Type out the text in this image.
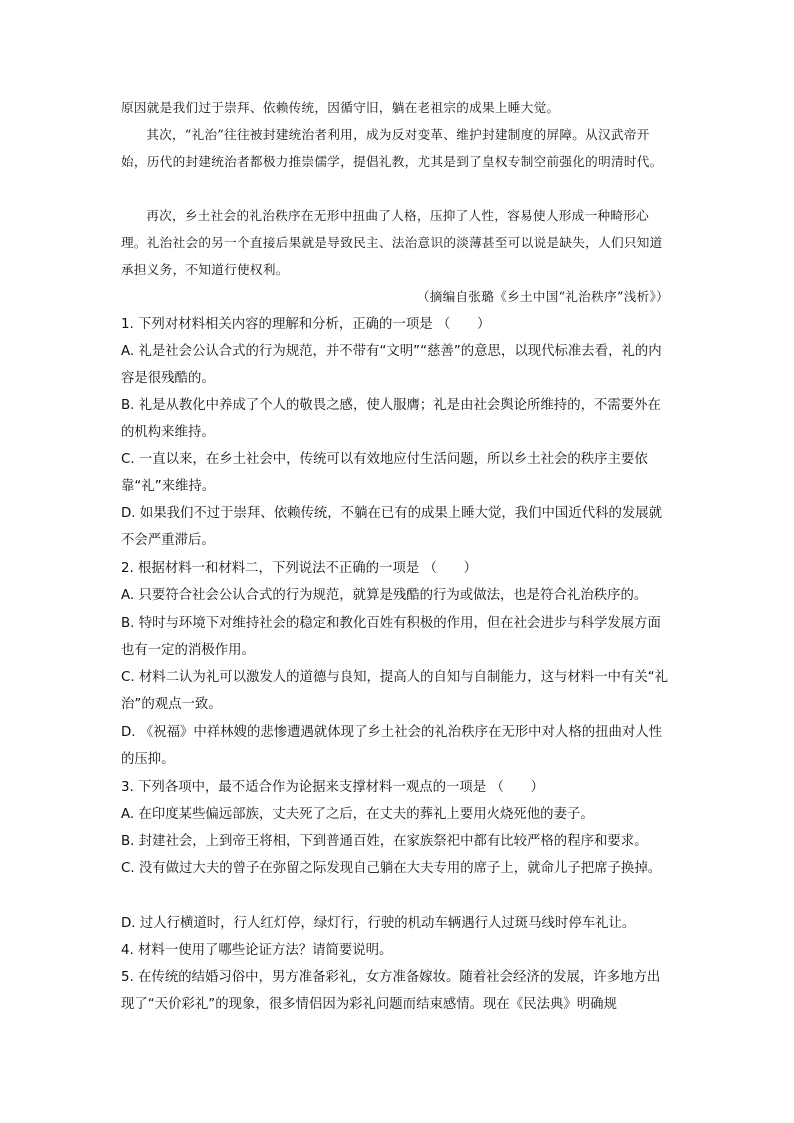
原因就是我们过于崇拜、依赖传统，因循守旧，躺在老祖宗的成果上睡大觉。

其次，“礼治”往往被封建统治者利用，成为反对变革、维护封建制度的屏障。从汉武帝开始，历代的封建统治者都极力推崇儒学，提倡礼教，尤其是到了皇权专制空前强化的明清时代。

再次，乡土社会的礼治秩序在无形中扭曲了人格，压抑了人性，容易使人形成一种畸形心理。礼治社会的另一个直接后果就是导致民主、法治意识的淡薄甚至可以说是缺失，人们只知道承担义务，不知道行使权利。

（摘编自张璐《乡土中国“礼治秩序”浅析》）

1. 下列对材料相关内容的理解和分析，正确的一项是 （　　）

A. 礼是社会公认合式的行为规范，并不带有“文明”“慈善”的意思，以现代标准去看，礼的内容是很残酷的。

B. 礼是从教化中养成了个人的敬畏之感，使人服膺；礼是由社会舆论所维持的，不需要外在的机构来维持。

C. 一直以来，在乡土社会中，传统可以有效地应付生活问题，所以乡土社会的秩序主要依靠“礼”来维持。

D. 如果我们不过于崇拜、依赖传统，不躺在已有的成果上睡大觉，我们中国近代科的发展就不会严重滞后。

2. 根据材料一和材料二，下列说法不正确的一项是 （　　）

A. 只要符合社会公认合式的行为规范，就算是残酷的行为或做法，也是符合礼治秩序的。

B. 特时与环境下对维持社会的稳定和教化百姓有积极的作用，但在社会进步与科学发展方面也有一定的消极作用。

C. 材料二认为礼可以激发人的道德与良知，提高人的自知与自制能力，这与材料一中有关“礼治”的观点一致。

D. 《祝福》中祥林嫂的悲惨遭遇就体现了乡土社会的礼治秩序在无形中对人格的扭曲对人性的压抑。

3. 下列各项中，最不适合作为论据来支撑材料一观点的一项是 （　　）

A. 在印度某些偏远部族，丈夫死了之后，在丈夫的葬礼上要用火烧死他的妻子。

B. 封建社会，上到帝王将相，下到普通百姓，在家族祭祀中都有比较严格的程序和要求。

C. 没有做过大夫的曾子在弥留之际发现自己躺在大夫专用的席子上，就命儿子把席子换掉。

D. 过人行横道时，行人红灯停，绿灯行，行驶的机动车辆遇行人过斑马线时停车礼让。

4. 材料一使用了哪些论证方法？请简要说明。

5. 在传统的结婚习俗中，男方准备彩礼，女方准备嫁妆。随着社会经济的发展，许多地方出现了“天价彩礼”的现象，很多情侣因为彩礼问题而结束感情。现在《民法典》明确规
